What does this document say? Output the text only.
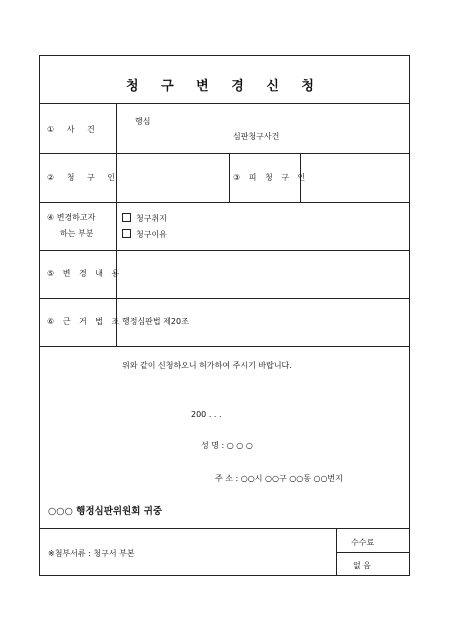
청 구 변 경 신 청
① 사 건
행심
심판청구사건
② 청 구 인	③ 피 청 구 인
④ 변경하고자
하는 부분
청구취지
청구이유
⑤ 변 경 내 용
⑥ 근 거 법 조 행정심판법 제20조
위와 같이 신청하오니 허가하여 주시기 바랍니다.
200 . . .
성 명 : ○ ○ ○
주 소 : ○○시 ○○구 ○○동 ○○번지
○○○ 행정심판위원회 귀중
※첨부서류 : 청구서 부본
수수료
없 음
